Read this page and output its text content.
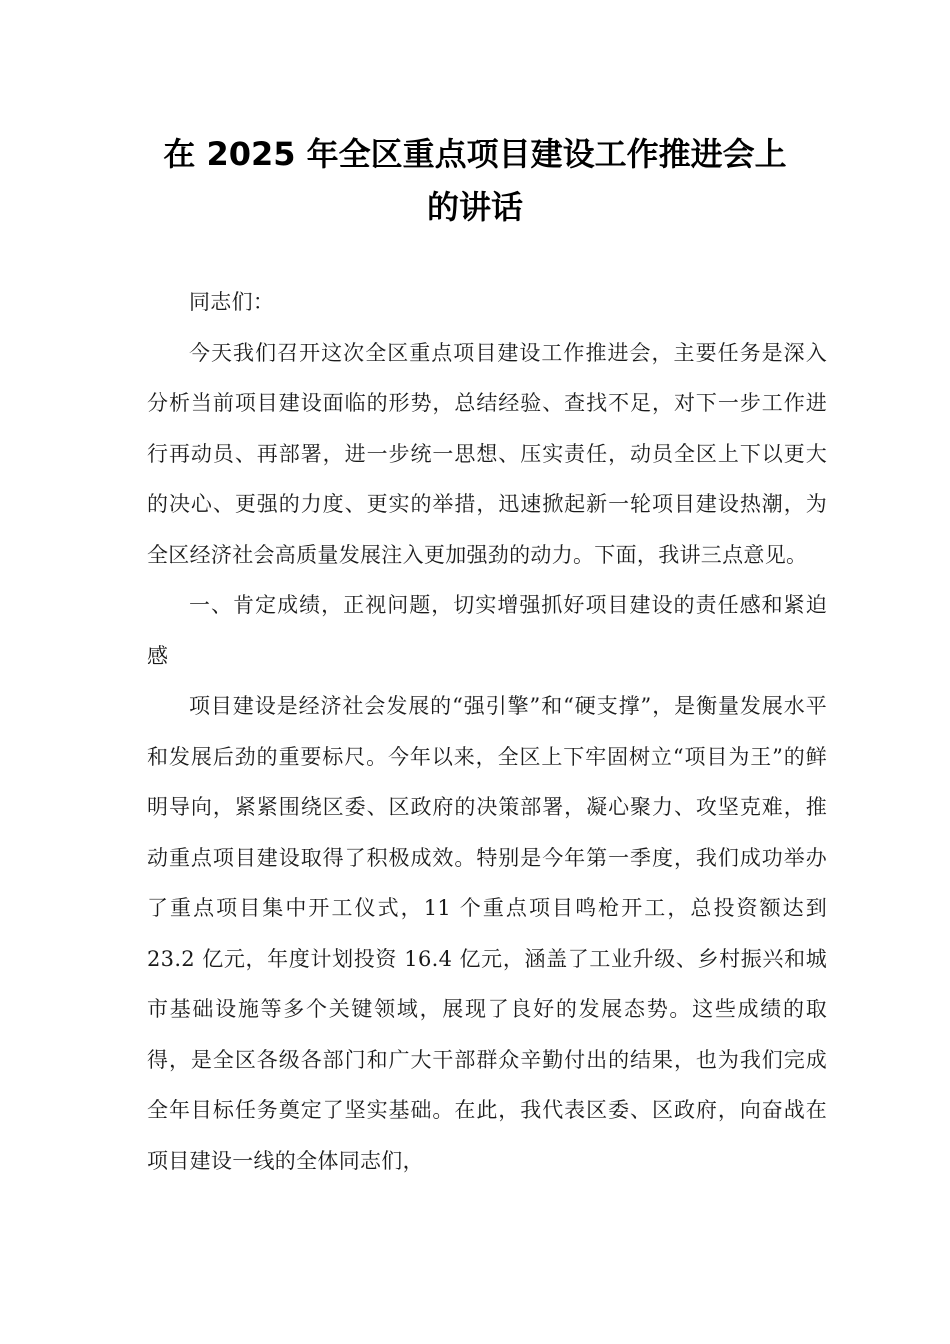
在 2025 年全区重点项目建设工作推进会上
的讲话

同志们：

今天我们召开这次全区重点项目建设工作推进会，主要任务是深入分析当前项目建设面临的形势，总结经验、查找不足，对下一步工作进行再动员、再部署，进一步统一思想、压实责任，动员全区上下以更大的决心、更强的力度、更实的举措，迅速掀起新一轮项目建设热潮，为全区经济社会高质量发展注入更加强劲的动力。下面，我讲三点意见。

一、肯定成绩，正视问题，切实增强抓好项目建设的责任感和紧迫感

项目建设是经济社会发展的“强引擎”和“硬支撑”，是衡量发展水平和发展后劲的重要标尺。今年以来，全区上下牢固树立“项目为王”的鲜明导向，紧紧围绕区委、区政府的决策部署，凝心聚力、攻坚克难，推动重点项目建设取得了积极成效。特别是今年第一季度，我们成功举办了重点项目集中开工仪式，11 个重点项目鸣枪开工，总投资额达到 23.2 亿元，年度计划投资 16.4 亿元，涵盖了工业升级、乡村振兴和城市基础设施等多个关键领域，展现了良好的发展态势。这些成绩的取得，是全区各级各部门和广大干部群众辛勤付出的结果，也为我们完成全年目标任务奠定了坚实基础。在此，我代表区委、区政府，向奋战在项目建设一线的全体同志们，
